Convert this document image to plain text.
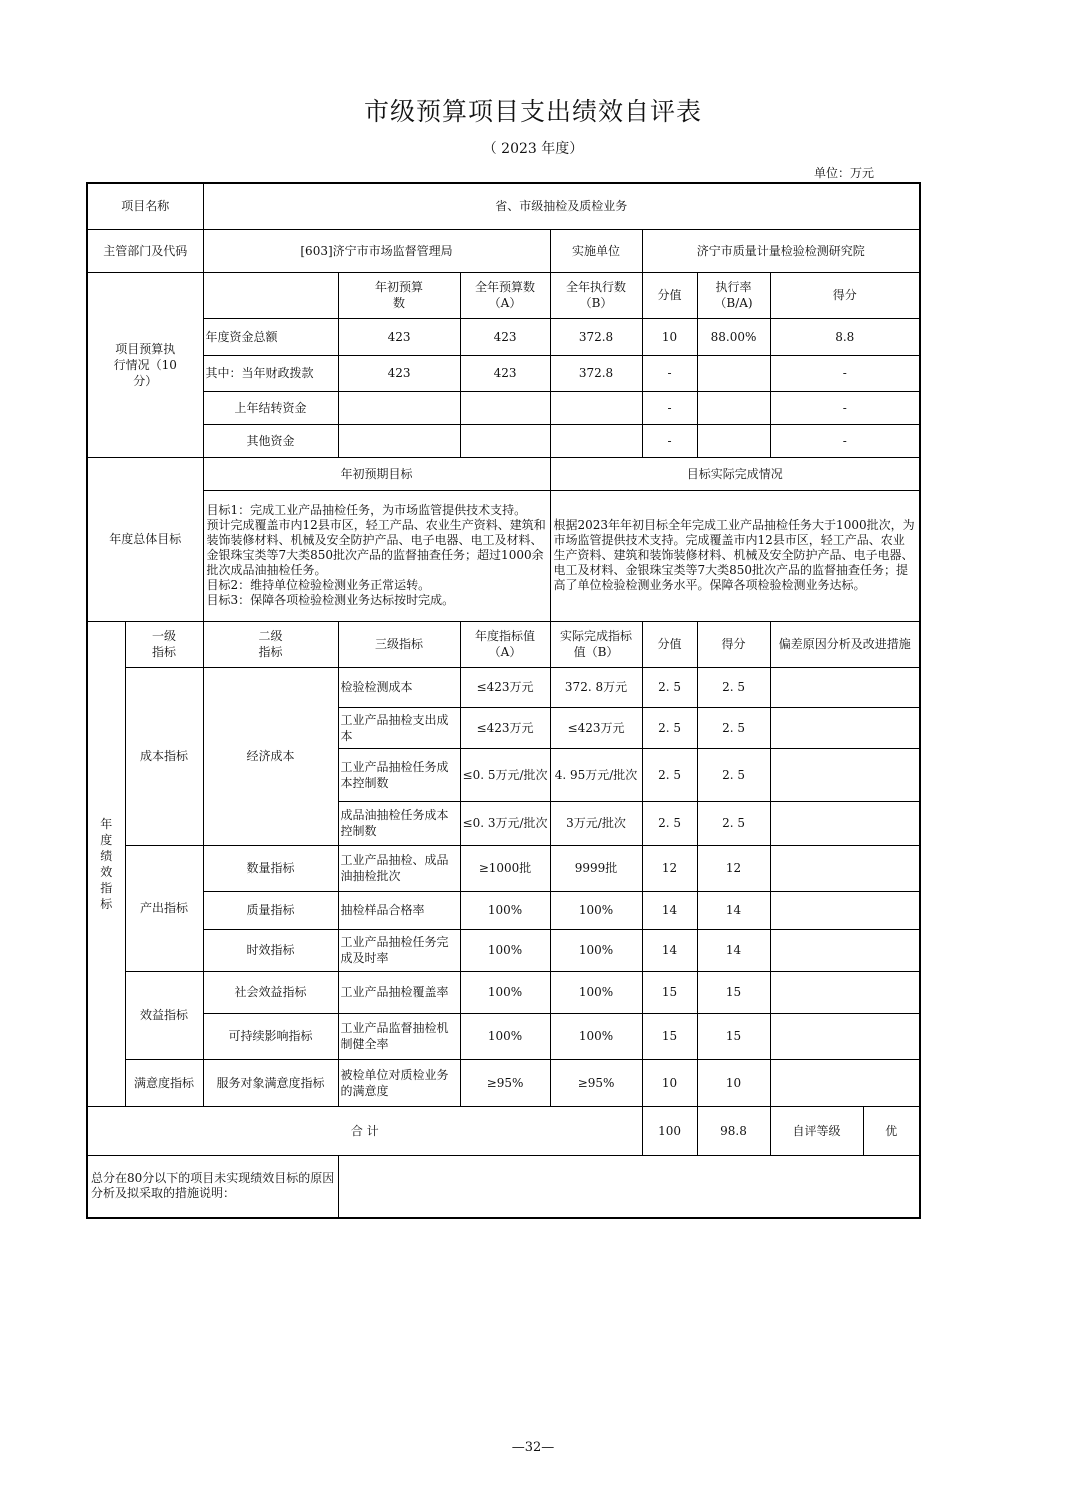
市级预算项目支出绩效自评表
（ 2023 年度）
单位：万元
项目名称		省、市级抽检及质检业务							
主管部门及代码		[603]济宁市市场监督管理局			实施单位	济宁市质量计量检验检测研究院			

项目预算执行情况（10分）			年初预算数	全年预算数（A）	全年执行数（B）	分值	执行率（B/A)	得分	
		年度资金总额	423	423	372.8	10	88.00%	8.8	
		其中：当年财政拨款	423	423	372.8	-		-	
		上年结转资金				-		-	
		其他资金				-		-	
年度总体目标		年初预期目标			目标实际完成情况				

		目标1：完成工业产品抽检任务，为市场监管提供技术支持。
预计完成覆盖市内12县市区，轻工产品、农业生产资料、建筑和装饰装修材料、机械及安全防护产品、电子电器、电工及材料、金银珠宝类等7大类850批次产品的监督抽查任务；超过1000余批次成品油抽检任务。
目标2：维持单位检验检测业务正常运转。
目标3：保障各项检验检测业务达标按时完成。			根据2023年年初目标全年完成工业产品抽检任务大于1000批次，为市场监管提供技术支持。完成覆盖市内12县市区，轻工产品、农业生产资料、建筑和装饰装修材料、机械及安全防护产品、电子电器、电工及材料、金银珠宝类等7大类850批次产品的监督抽查任务；提高了单位检验检测业务水平。保障各项检验检测业务达标。				

年度绩效指标	一级指标	二级指标	三级指标	年度指标值（A）	实际完成指标值（B）	分值	得分	偏差原因分析及改进措施	
	成本指标	经济成本	检验检测成本	≤423万元	372. 8万元	2. 5	2. 5		
			工业产品抽检支出成本	≤423万元	≤423万元	2. 5	2. 5		
			工业产品抽检任务成本控制数	≤0. 5万元/批次	4. 95万元/批次	2. 5	2. 5		
			成品油抽检任务成本控制数	≤0. 3万元/批次	3万元/批次	2. 5	2. 5		
	产出指标	数量指标	工业产品抽检、成品油抽检批次	≥1000批	9999批	12	12		
		质量指标	抽检样品合格率	100%	100%	14	14		
		时效指标	工业产品抽检任务完成及时率	100%	100%	14	14		
	效益指标	社会效益指标	工业产品抽检覆盖率	100%	100%	15	15		
		可持续影响指标	工业产品监督抽检机制健全率	100%	100%	15	15		
	满意度指标	服务对象满意度指标	被检单位对质检业务的满意度	≥95%	≥95%	10	10		
合 计						100	98.8	自评等级	优
总分在80分以下的项目未实现绩效目标的原因分析及拟采取的措施说明：									
—32—
